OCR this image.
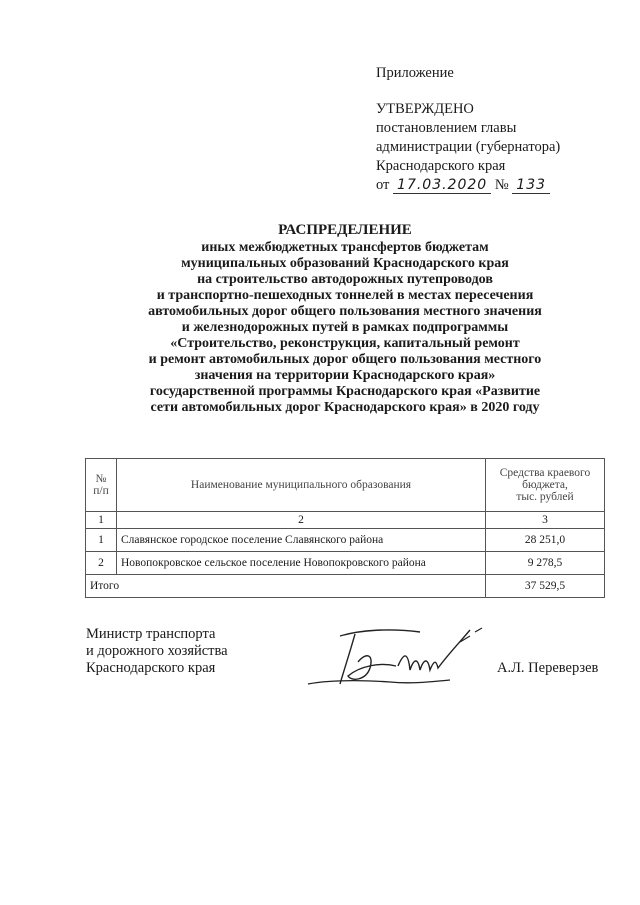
Приложение
УТВЕРЖДЕНО
постановлением главы
администрации (губернатора)
Краснодарского края
от 17.03.2020 № 133
РАСПРЕДЕЛЕНИЕ
иных межбюджетных трансфертов бюджетам
муниципальных образований Краснодарского края
на строительство автодорожных путепроводов
и транспортно-пешеходных тоннелей в местах пересечения
автомобильных дорог общего пользования местного значения
и железнодорожных путей в рамках подпрограммы
«Строительство, реконструкция, капитальный ремонт
и ремонт автомобильных дорог общего пользования местного
значения на территории Краснодарского края»
государственной программы Краснодарского края «Развитие
сети автомобильных дорог Краснодарского края» в 2020 году
№ п/п	Наименование муниципального образования	Средства краевого
бюджета,
тыс. рублей

1	2	3
1	Славянское городское поселение Славянского района	28 251,0
2	Новопокровское сельское поселение Новопокровского района	9 278,5
Итого		37 529,5
Министр транспорта
и дорожного хозяйства
Краснодарского края	А.Л. Переверзев
